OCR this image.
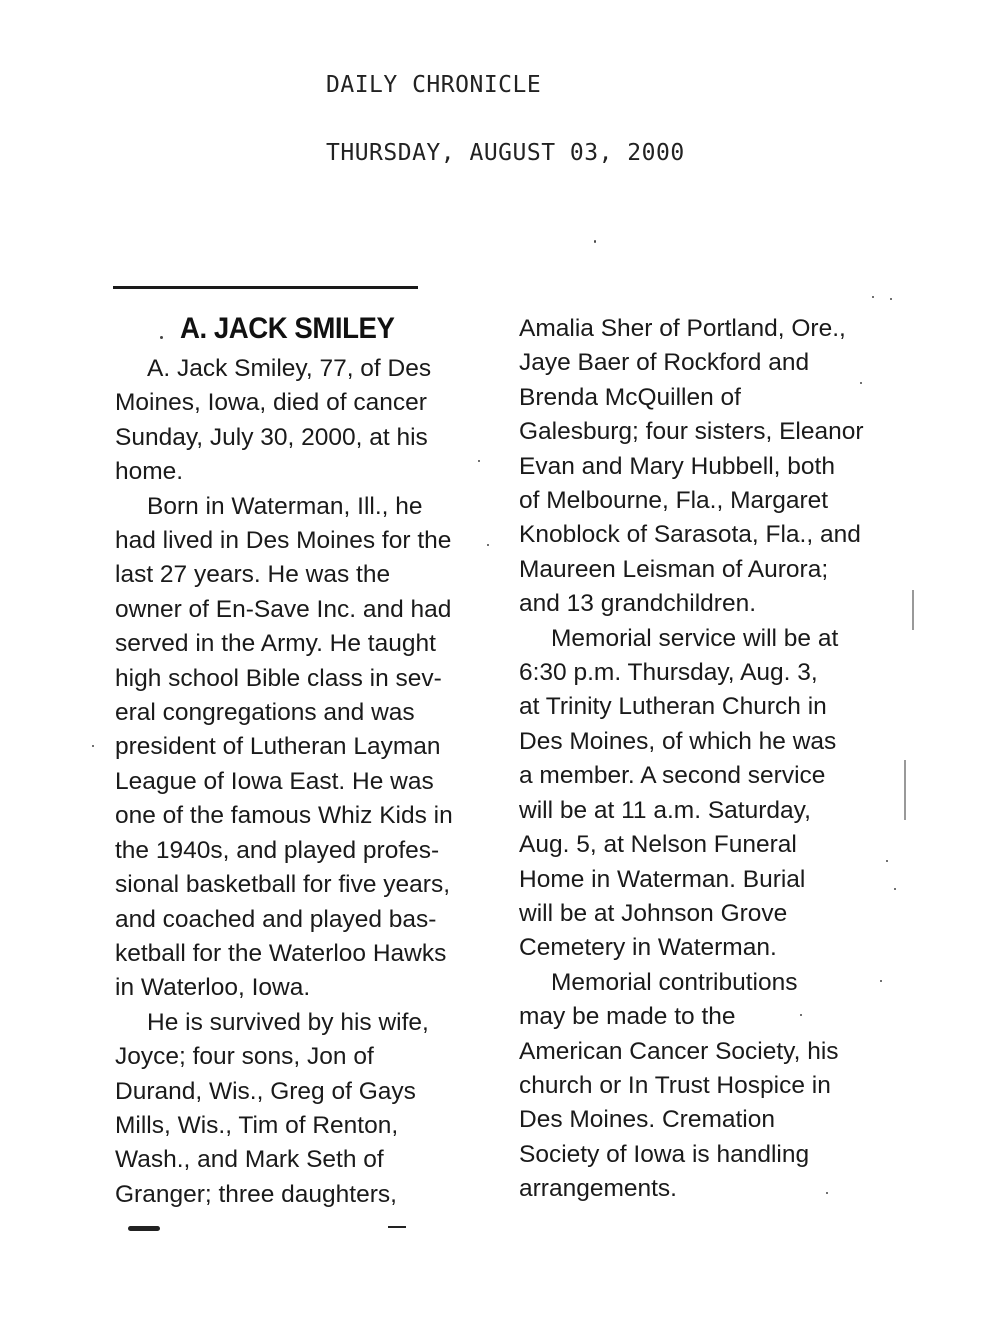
DAILY CHRONICLE
THURSDAY, AUGUST 03, 2000
A. JACK SMILEY
A. Jack Smiley, 77, of Des
Moines, Iowa, died of cancer
Sunday, July 30, 2000, at his
home.
Born in Waterman, Ill., he
had lived in Des Moines for the
last 27 years. He was the
owner of En-Save Inc. and had
served in the Army. He taught
high school Bible class in sev-
eral congregations and was
president of Lutheran Layman
League of Iowa East. He was
one of the famous Whiz Kids in
the 1940s, and played profes-
sional basketball for five years,
and coached and played bas-
ketball for the Waterloo Hawks
in Waterloo, Iowa.
He is survived by his wife,
Joyce; four sons, Jon of
Durand, Wis., Greg of Gays
Mills, Wis., Tim of Renton,
Wash., and Mark Seth of
Granger; three daughters,
Amalia Sher of Portland, Ore.,
Jaye Baer of Rockford and
Brenda McQuillen of
Galesburg; four sisters, Eleanor
Evan and Mary Hubbell, both
of Melbourne, Fla., Margaret
Knoblock of Sarasota, Fla., and
Maureen Leisman of Aurora;
and 13 grandchildren.
Memorial service will be at
6:30 p.m. Thursday, Aug. 3,
at Trinity Lutheran Church in
Des Moines, of which he was
a member. A second service
will be at 11 a.m. Saturday,
Aug. 5, at Nelson Funeral
Home in Waterman. Burial
will be at Johnson Grove
Cemetery in Waterman.
Memorial contributions
may be made to the
American Cancer Society, his
church or In Trust Hospice in
Des Moines. Cremation
Society of Iowa is handling
arrangements.
